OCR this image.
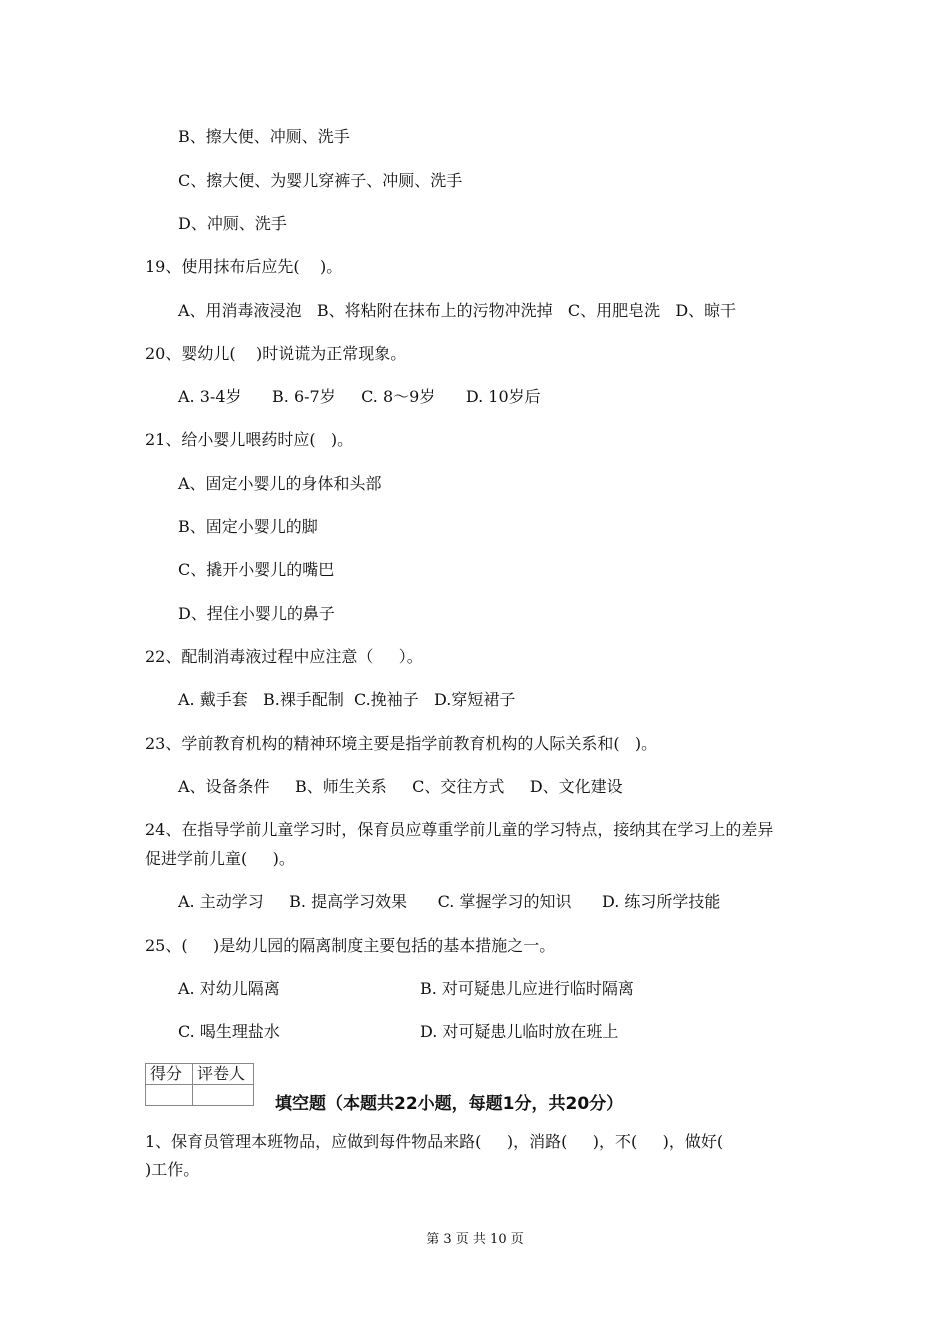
B、擦大便、冲厕、洗手
C、擦大便、为婴儿穿裤子、冲厕、洗手
D、冲厕、洗手
19、使用抹布后应先(    )。
A、用消毒液浸泡   B、将粘附在抹布上的污物冲洗掉   C、用肥皂洗   D、晾干
20、婴幼儿(    )时说谎为正常现象。
A. 3-4岁      B. 6-7岁     C. 8～9岁      D. 10岁后
21、给小婴儿喂药时应(   )。
A、固定小婴儿的身体和头部
B、固定小婴儿的脚
C、撬开小婴儿的嘴巴
D、捏住小婴儿的鼻子
22、配制消毒液过程中应注意（     ）。
A. 戴手套   B.裸手配制  C.挽袖子   D.穿短裙子
23、学前教育机构的精神环境主要是指学前教育机构的人际关系和(   )。
A、设备条件     B、师生关系     C、交往方式     D、文化建设
24、在指导学前儿童学习时，保育员应尊重学前儿童的学习特点，接纳其在学习上的差异
促进学前儿童(     )。
A. 主动学习     B. 提高学习效果      C. 掌握学习的知识      D. 练习所学技能
25、(     )是幼儿园的隔离制度主要包括的基本措施之一。
A. 对幼儿隔离	B. 对可疑患儿应进行临时隔离
C. 喝生理盐水	D. 对可疑患儿临时放在班上
得分	评卷人

填空题（本题共22小题，每题1分，共20分）
1、保育员管理本班物品，应做到每件物品来路(     )，消路(     )，不(     )，做好(
)工作。
第 3 页 共 10 页
